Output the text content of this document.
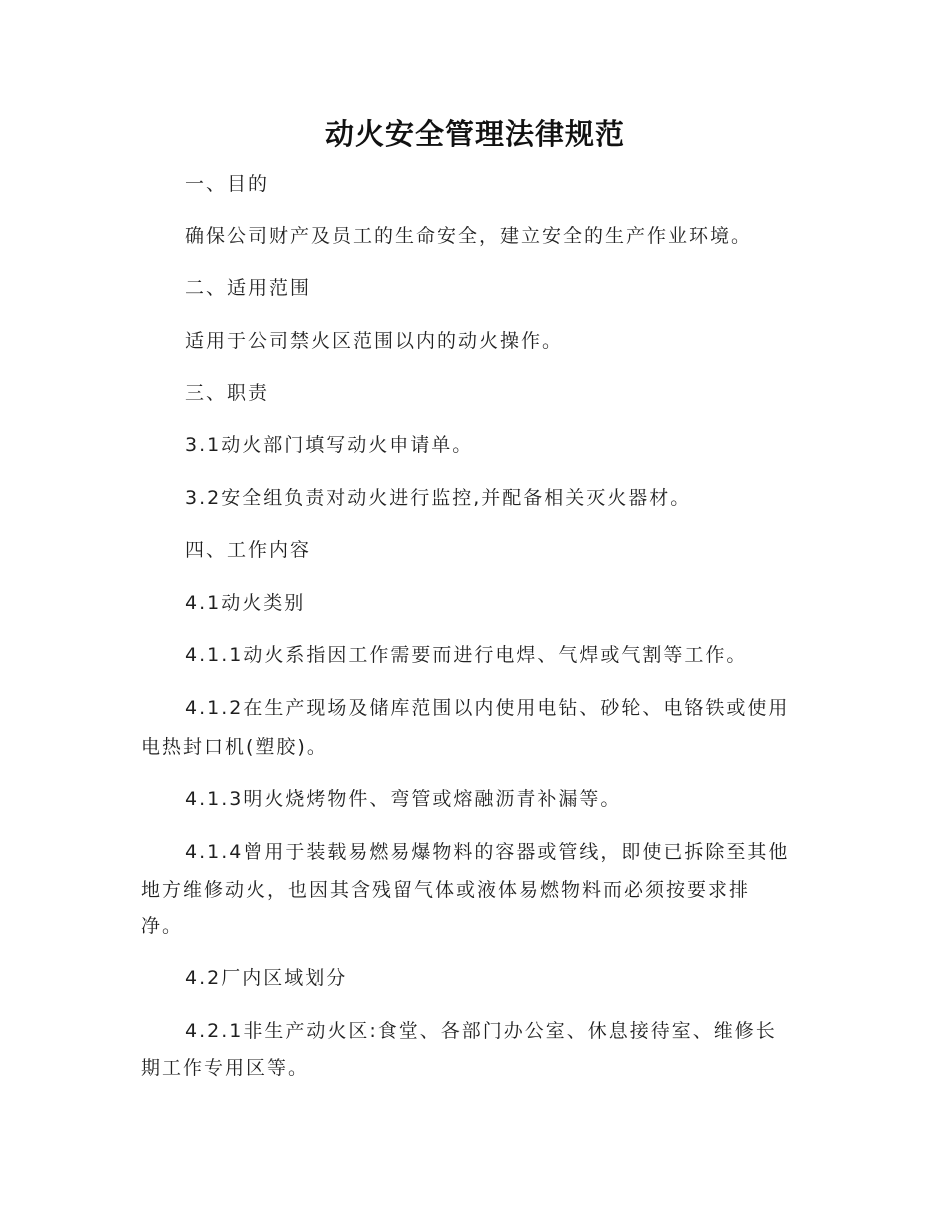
动火安全管理法律规范
一、目的
确保公司财产及员工的生命安全，建立安全的生产作业环境。
二、适用范围
适用于公司禁火区范围以内的动火操作。
三、职责
3.1动火部门填写动火申请单。
3.2安全组负责对动火进行监控,并配备相关灭火器材。
四、工作内容
4.1动火类别
4.1.1动火系指因工作需要而进行电焊、气焊或气割等工作。
4.1.2在生产现场及储库范围以内使用电钻、砂轮、电铬铁或使用
电热封口机(塑胶)。
4.1.3明火烧烤物件、弯管或熔融沥青补漏等。
4.1.4曾用于装载易燃易爆物料的容器或管线，即使已拆除至其他
地方维修动火，也因其含残留气体或液体易燃物料而必须按要求排
净。
4.2厂内区域划分
4.2.1非生产动火区:食堂、各部门办公室、休息接待室、维修长
期工作专用区等。
